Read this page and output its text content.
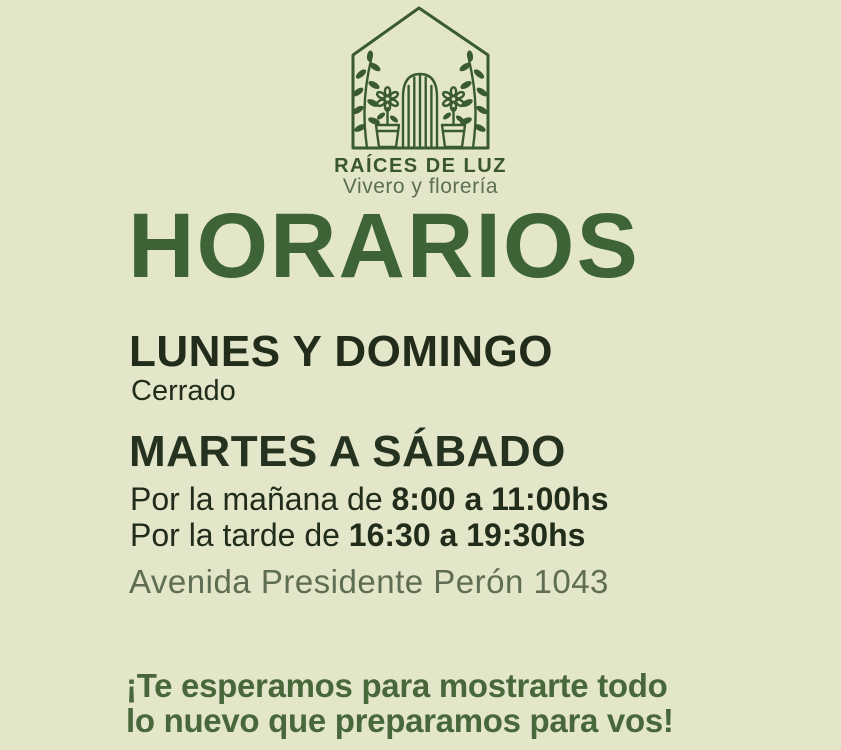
RAÍCES DE LUZ
Vivero y florería
HORARIOS
LUNES Y DOMINGO
Cerrado
MARTES A SÁBADO
Por la mañana de 8:00 a 11:00hs
Por la tarde de 16:30 a 19:30hs
Avenida Presidente Perón 1043
¡Te esperamos para mostrarte todo
lo nuevo que preparamos para vos!
